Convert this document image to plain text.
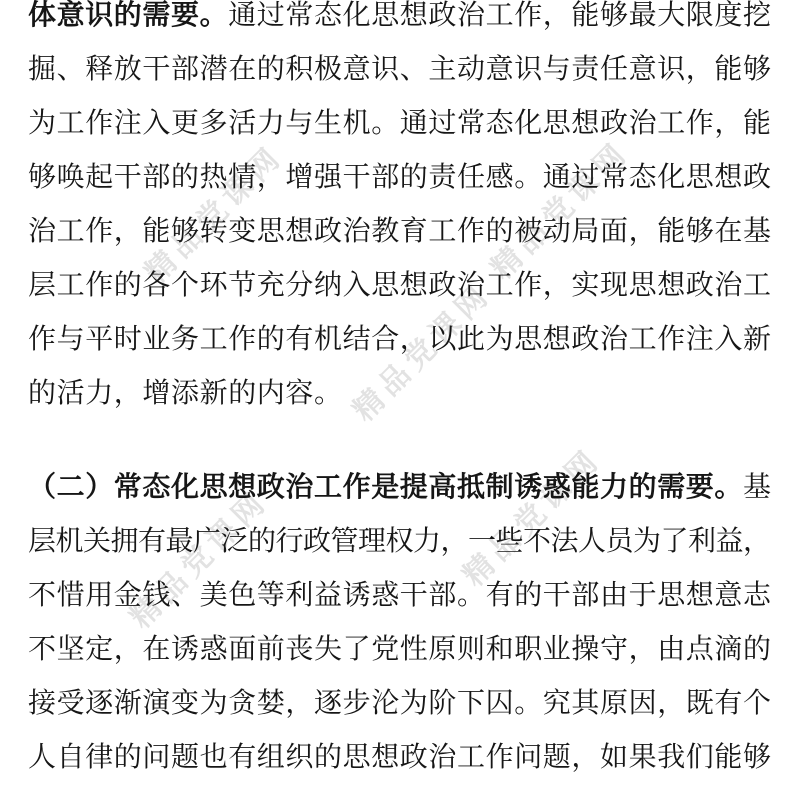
精品党课网	精品党课网
精品党课网
精品党课网
精品党课网
体意识的需要。通过常态化思想政治工作，能够最大限度挖
掘、释放干部潜在的积极意识、主动意识与责任意识，能够
为工作注入更多活力与生机。通过常态化思想政治工作，能
够唤起干部的热情，增强干部的责任感。通过常态化思想政
治工作，能够转变思想政治教育工作的被动局面，能够在基
层工作的各个环节充分纳入思想政治工作，实现思想政治工
作与平时业务工作的有机结合，以此为思想政治工作注入新
的活力，增添新的内容。
（二）常态化思想政治工作是提高抵制诱惑能力的需要。基
层机关拥有最广泛的行政管理权力，一些不法人员为了利益，
不惜用金钱、美色等利益诱惑干部。有的干部由于思想意志
不坚定，在诱惑面前丧失了党性原则和职业操守，由点滴的
接受逐渐演变为贪婪，逐步沦为阶下囚。究其原因，既有个
人自律的问题也有组织的思想政治工作问题，如果我们能够
